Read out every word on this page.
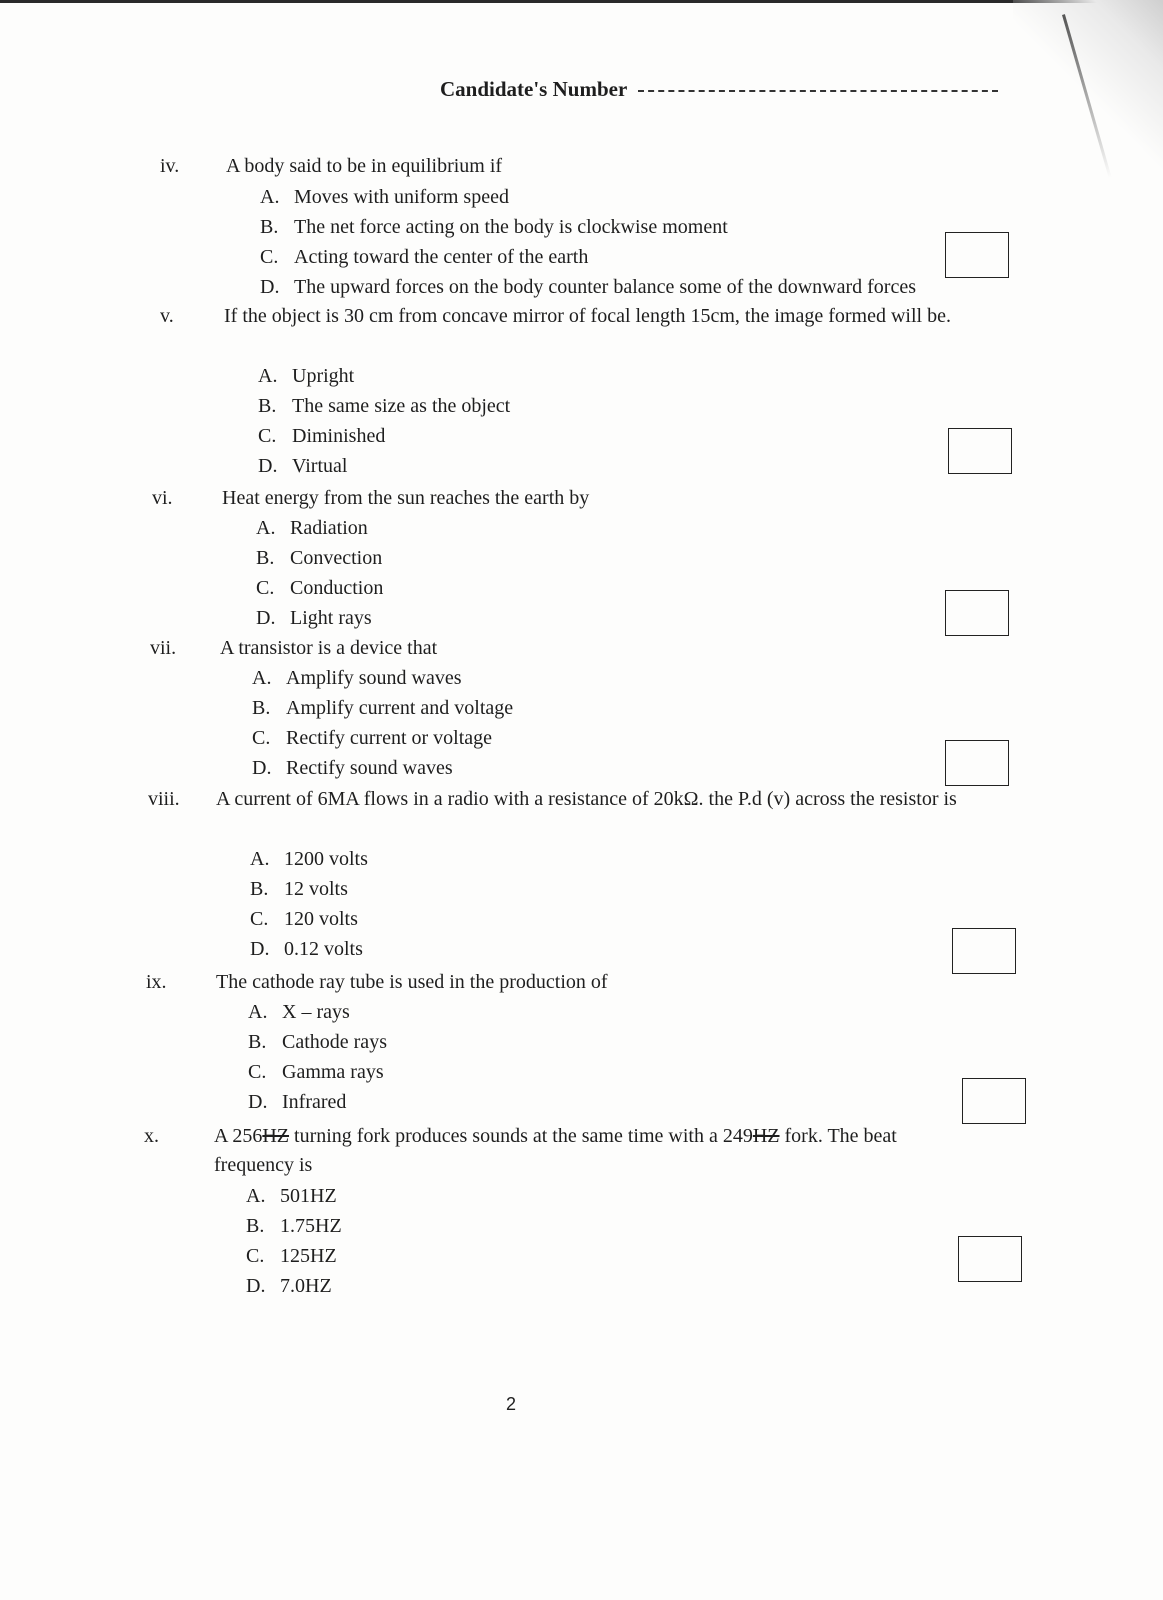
Candidate's Number
iv. A body said to be in equilibrium if
A. Moves with uniform speed
B. The net force acting on the body is clockwise moment
C. Acting toward the center of the earth
D. The upward forces on the body counter balance some of the downward forces
v.	If the object is 30 cm from concave mirror of focal length 15cm, the image formed will be.
A. Upright
B. The same size as the object
C. Diminished
D. Virtual
vi. Heat energy from the sun reaches the earth by
A. Radiation
B. Convection
C. Conduction
D. Light rays
vii. A transistor is a device that
A. Amplify sound waves
B. Amplify current and voltage
C. Rectify current or voltage
D. Rectify sound waves
viii. A current of 6MA flows in a radio with a resistance of 20kΩ. the P.d (v) across the resistor is
A. 1200 volts
B. 12 volts
C. 120 volts
D. 0.12 volts
ix. The cathode ray tube is used in the production of
A. X – rays
B. Cathode rays
C. Gamma rays
D. Infrared
x.	A 256HZ turning fork produces sounds at the same time with a 249HZ fork. The beat frequency is
A. 501HZ
B. 1.75HZ
C. 125HZ
D. 7.0HZ
2
